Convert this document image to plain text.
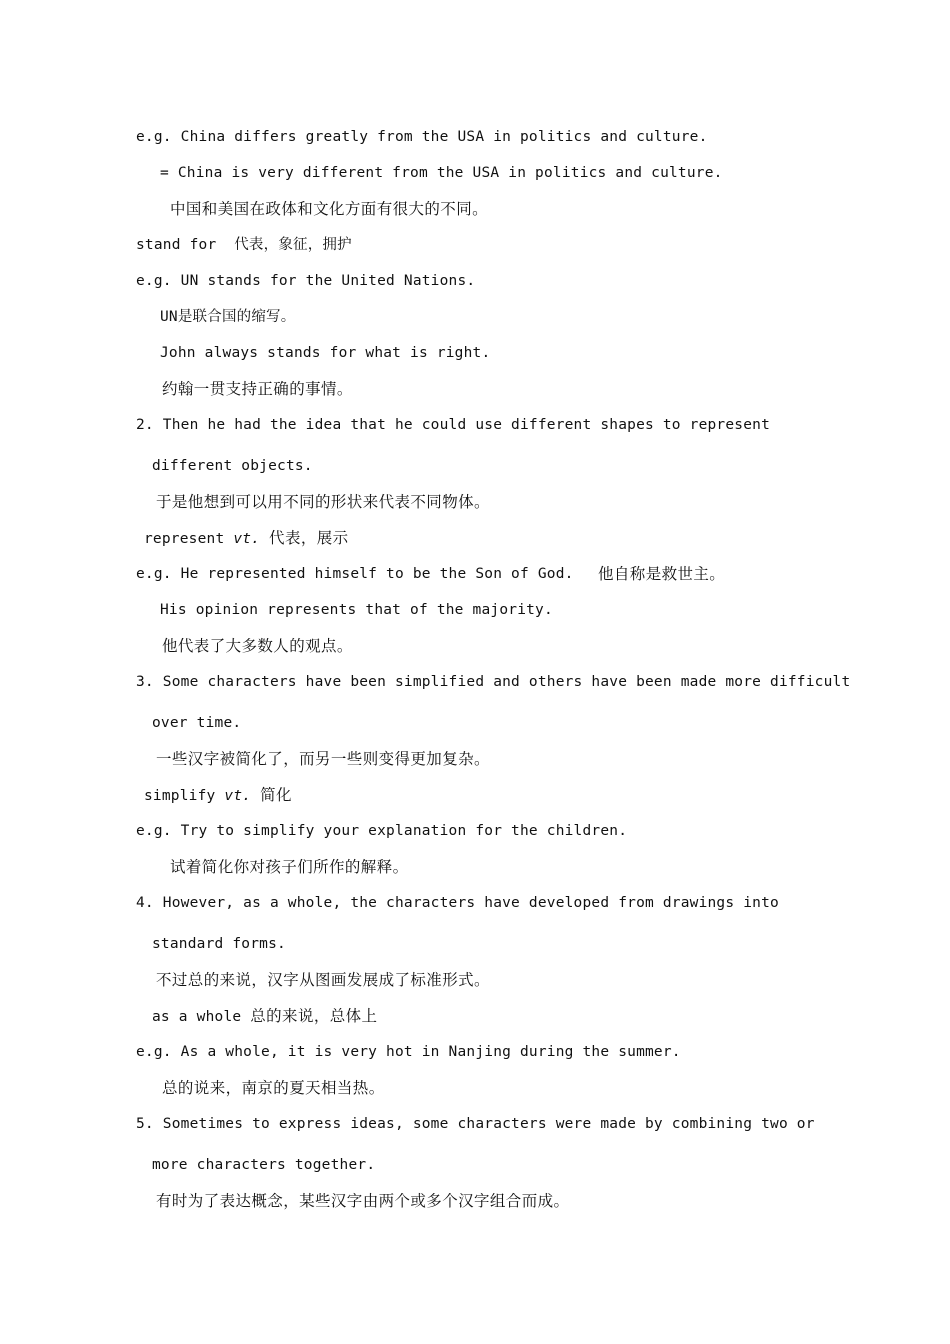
e.g. China differs greatly from the USA in politics and culture.
= China is very different from the USA in politics and culture.
中国和美国在政体和文化方面有很大的不同。
stand for  代表，象征，拥护
e.g. UN stands for the United Nations.
UN是联合国的缩写。
John always stands for what is right.
约翰一贯支持正确的事情。
2. Then he had the idea that he could use different shapes to represent
different objects.
于是他想到可以用不同的形状来代表不同物体。
represent vt. 代表，展示
e.g. He represented himself to be the Son of God. 他自称是救世主。
His opinion represents that of the majority.
他代表了大多数人的观点。
3. Some characters have been simplified and others have been made more difficult
over time.
一些汉字被简化了，而另一些则变得更加复杂。
simplify vt. 简化
e.g. Try to simplify your explanation for the children.
试着简化你对孩子们所作的解释。
4. However, as a whole, the characters have developed from drawings into
standard forms.
不过总的来说，汉字从图画发展成了标准形式。
as a whole 总的来说，总体上
e.g. As a whole, it is very hot in Nanjing during the summer.
总的说来，南京的夏天相当热。
5. Sometimes to express ideas, some characters were made by combining two or
more characters together.
有时为了表达概念，某些汉字由两个或多个汉字组合而成。
